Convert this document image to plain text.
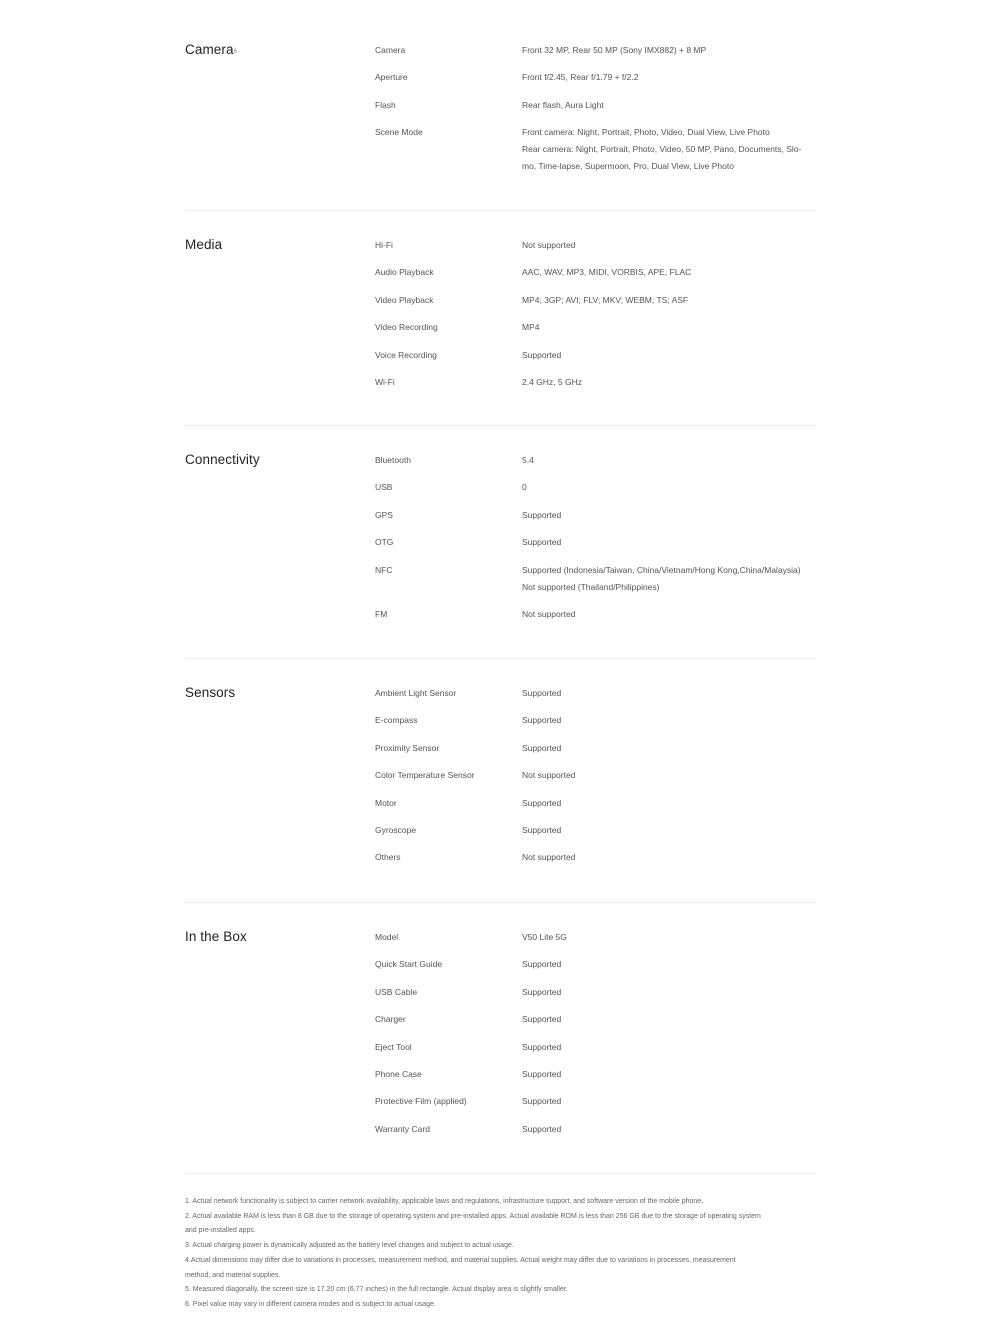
Camera$^6$	Camera	Front 32 MP, Rear 50 MP (Sony IMX882) + 8 MP
Aperture	Front f/2.45, Rear f/1.79 + f/2.2
Flash	Rear flash, Aura Light
Scene Mode	Front camera: Night, Portrait, Photo, Video, Dual View, Live Photo
Rear camera: Night, Portrait, Photo, Video, 50 MP, Pano, Documents, Slo-
mo, Time-lapse, Supermoon, Pro, Dual View, Live Photo
Media	Hi-Fi	Not supported
Audio Playback	AAC, WAV, MP3, MIDI, VORBIS, APE, FLAC
Video Playback	MP4; 3GP; AVI; FLV; MKV; WEBM; TS; ASF
Video Recording	MP4
Voice Recording	Supported
Wi-Fi	2.4 GHz, 5 GHz
Connectivity	Bluetooth	5.4
USB	0
GPS	Supported
OTG	Supported
NFC	Supported (Indonesia/Taiwan, China/Vietnam/Hong Kong,China/Malaysia)
Not supported (Thailand/Philippines)
FM	Not supported
Sensors	Ambient Light Sensor	Supported
E-compass	Supported
Proximity Sensor	Supported
Color Temperature Sensor	Not supported
Motor	Supported
Gyroscope	Supported
Others	Not supported
In the Box	Model	V50 Lite 5G
Quick Start Guide	Supported
USB Cable	Supported
Charger	Supported
Eject Tool	Supported
Phone Case	Supported
Protective Film (applied)	Supported
Warranty Card	Supported
1. Actual network functionality is subject to carrier network availability, applicable laws and regulations, infrastructure support, and software version of the mobile phone.
2. Actual available RAM is less than 8 GB due to the storage of operating system and pre-installed apps. Actual available ROM is less than 256 GB due to the storage of operating system
and pre-installed apps.
3. Actual charging power is dynamically adjusted as the battery level changes and subject to actual usage.
4.Actual dimensions may differ due to variations in processes, measurement method, and material supplies. Actual weight may differ due to variations in processes, measurement
method, and material supplies.
5. Measured diagonally, the screen size is 17.20 cm (6.77 inches) in the full rectangle. Actual display area is slightly smaller.
6. Pixel value may vary in different camera modes and is subject to actual usage.
